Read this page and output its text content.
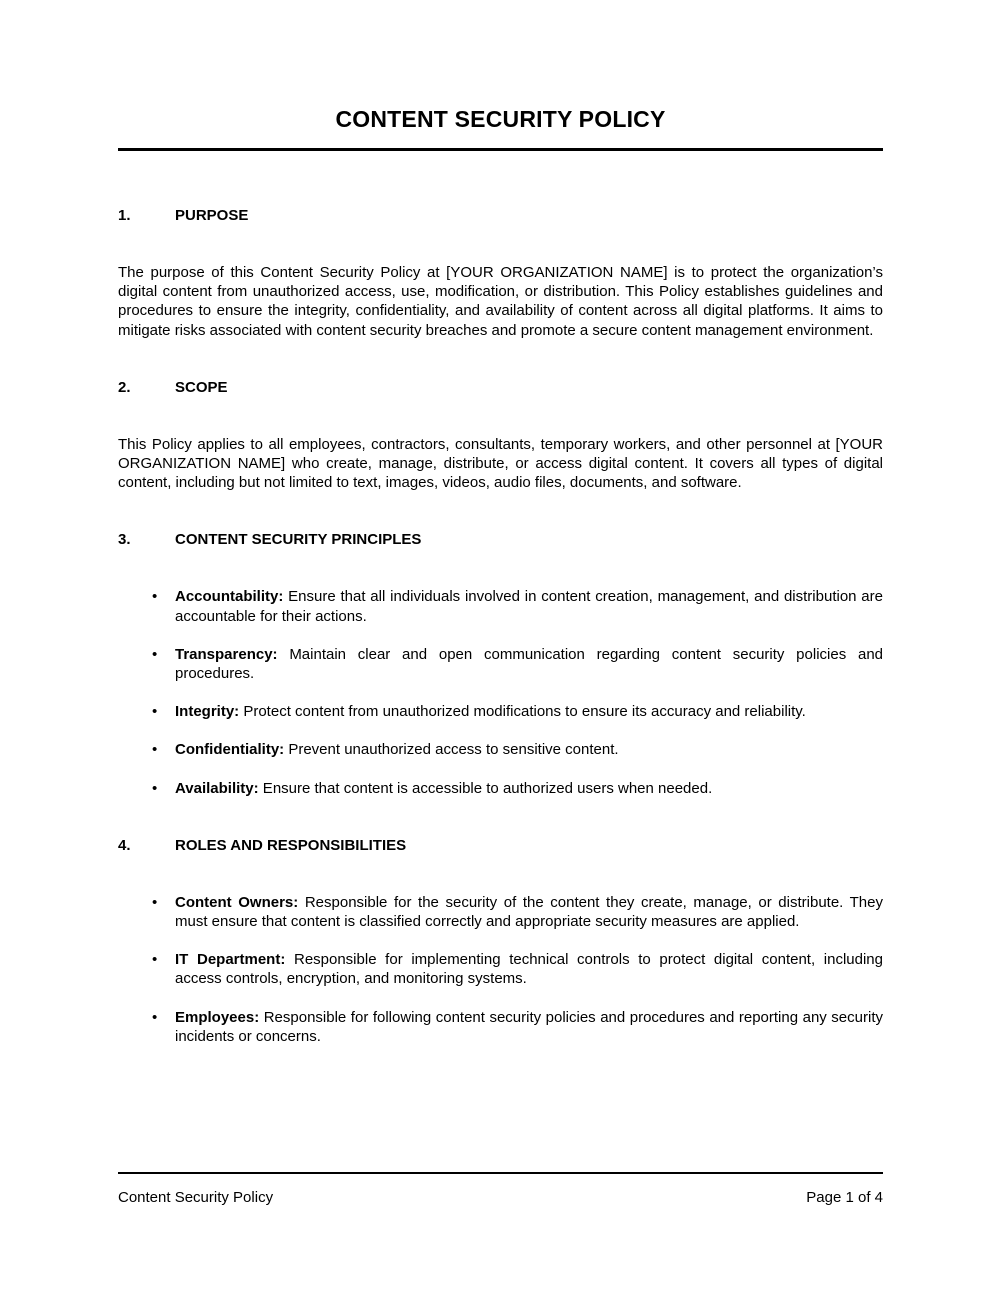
CONTENT SECURITY POLICY
1.	PURPOSE

The purpose of this Content Security Policy at [YOUR ORGANIZATION NAME] is to protect the organization’s digital content from unauthorized access, use, modification, or distribution. This Policy establishes guidelines and procedures to ensure the integrity, confidentiality, and availability of content across all digital platforms. It aims to mitigate risks associated with content security breaches and promote a secure content management environment.

2.	SCOPE

This Policy applies to all employees, contractors, consultants, temporary workers, and other personnel at [YOUR ORGANIZATION NAME] who create, manage, distribute, or access digital content. It covers all types of digital content, including but not limited to text, images, videos, audio files, documents, and software.

3.	CONTENT SECURITY PRINCIPLES
• Accountability: Ensure that all individuals involved in content creation, management, and distribution are accountable for their actions.
• Transparency: Maintain clear and open communication regarding content security policies and procedures.
• Integrity: Protect content from unauthorized modifications to ensure its accuracy and reliability.
• Confidentiality: Prevent unauthorized access to sensitive content.
• Availability: Ensure that content is accessible to authorized users when needed.
4.	ROLES AND RESPONSIBILITIES
• Content Owners: Responsible for the security of the content they create, manage, or distribute. They must ensure that content is classified correctly and appropriate security measures are applied.
• IT Department: Responsible for implementing technical controls to protect digital content, including access controls, encryption, and monitoring systems.
• Employees: Responsible for following content security policies and procedures and reporting any security incidents or concerns.
Content Security Policy	Page 1 of 4
